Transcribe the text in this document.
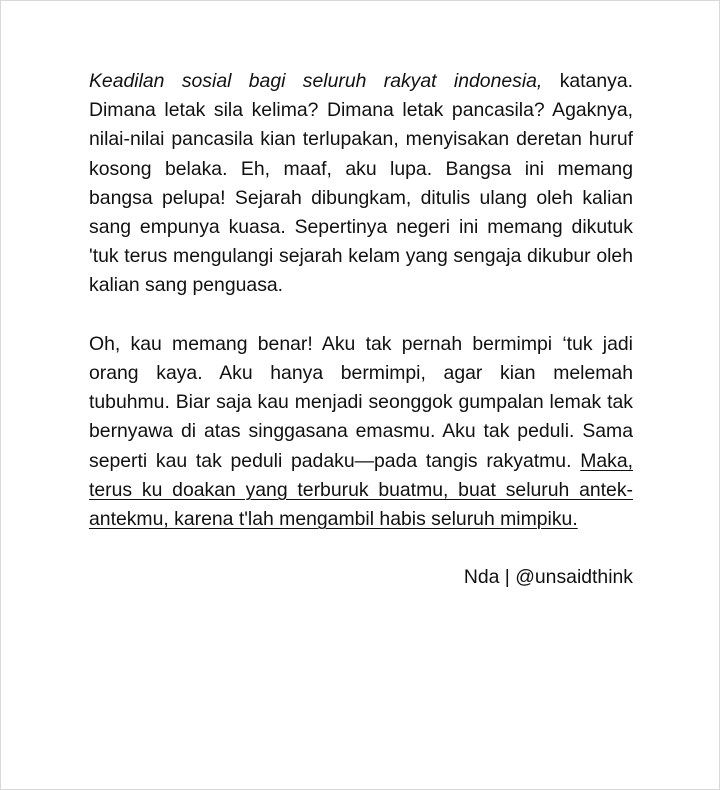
Keadilan sosial bagi seluruh rakyat indonesia, katanya. Dimana letak sila kelima? Dimana letak pancasila? Agaknya, nilai-nilai pancasila kian terlupakan, menyisakan deretan huruf kosong belaka. Eh, maaf, aku lupa. Bangsa ini memang bangsa pelupa! Sejarah dibungkam, ditulis ulang oleh kalian sang empunya kuasa. Sepertinya negeri ini memang dikutuk 'tuk terus mengulangi sejarah kelam yang sengaja dikubur oleh kalian sang penguasa.

Oh, kau memang benar! Aku tak pernah bermimpi ‘tuk jadi orang kaya. Aku hanya bermimpi, agar kian melemah tubuhmu. Biar saja kau menjadi seonggok gumpalan lemak tak bernyawa di atas singgasana emasmu. Aku tak peduli. Sama seperti kau tak peduli padaku—pada tangis rakyatmu. Maka, terus ku doakan yang terburuk buatmu, buat seluruh antek-antekmu, karena t'lah mengambil habis seluruh mimpiku.

Nda | @unsaidthink
